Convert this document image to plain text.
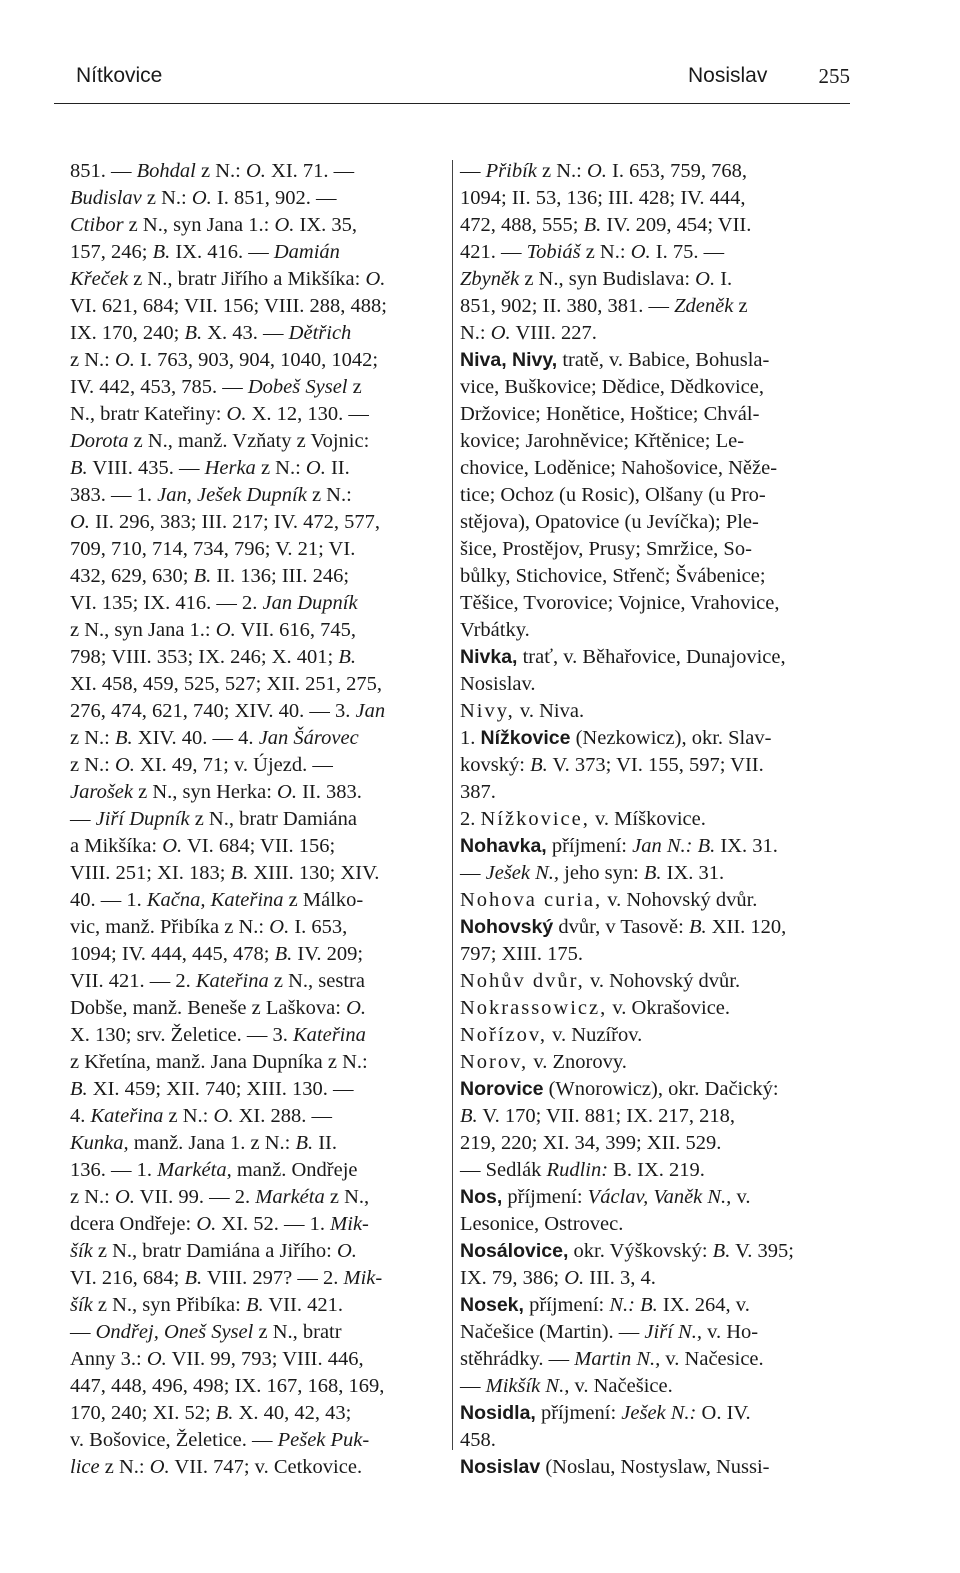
Nítkovice	Nosislav 255
851. — Bohdal z N.: O. XI. 71. —
Budislav z N.: O. I. 851, 902. —
Ctibor z N., syn Jana 1.: O. IX. 35,
157, 246; B. IX. 416. — Damián
Křeček z N., bratr Jiřího a Mikšíka: O.
VI. 621, 684; VII. 156; VIII. 288, 488;
IX. 170, 240; B. X. 43. — Dětřich
z N.: O. I. 763, 903, 904, 1040, 1042;
IV. 442, 453, 785. — Dobeš Sysel z
N., bratr Kateřiny: O. X. 12, 130. —
Dorota z N., manž. Vzňaty z Vojnic:
B. VIII. 435. — Herka z N.: O. II.
383. — 1. Jan, Ješek Dupník z N.:
O. II. 296, 383; III. 217; IV. 472, 577,
709, 710, 714, 734, 796; V. 21; VI.
432, 629, 630; B. II. 136; III. 246;
VI. 135; IX. 416. — 2. Jan Dupník
z N., syn Jana 1.: O. VII. 616, 745,
798; VIII. 353; IX. 246; X. 401; B.
XI. 458, 459, 525, 527; XII. 251, 275,
276, 474, 621, 740; XIV. 40. — 3. Jan
z N.: B. XIV. 40. — 4. Jan Šárovec
z N.: O. XI. 49, 71; v. Újezd. —
Jarošek z N., syn Herka: O. II. 383.
— Jiří Dupník z N., bratr Damiána
a Mikšíka: O. VI. 684; VII. 156;
VIII. 251; XI. 183; B. XIII. 130; XIV.
40. — 1. Kačna, Kateřina z Málko-
vic, manž. Přibíka z N.: O. I. 653,
1094; IV. 444, 445, 478; B. IV. 209;
VII. 421. — 2. Kateřina z N., sestra
Dobše, manž. Beneše z Laškova: O.
X. 130; srv. Želetice. — 3. Kateřina
z Křetína, manž. Jana Dupníka z N.:
B. XI. 459; XII. 740; XIII. 130. —
4. Kateřina z N.: O. XI. 288. —
Kunka, manž. Jana 1. z N.: B. II.
136. — 1. Markéta, manž. Ondřeje
z N.: O. VII. 99. — 2. Markéta z N.,
dcera Ondřeje: O. XI. 52. — 1. Mik-
šík z N., bratr Damiána a Jiřího: O.
VI. 216, 684; B. VIII. 297? — 2. Mik-
šík z N., syn Přibíka: B. VII. 421.
— Ondřej, Oneš Sysel z N., bratr
Anny 3.: O. VII. 99, 793; VIII. 446,
447, 448, 496, 498; IX. 167, 168, 169,
170, 240; XI. 52; B. X. 40, 42, 43;
v. Bošovice, Želetice. — Pešek Puk-
lice z N.: O. VII. 747; v. Cetkovice.
— Přibík z N.: O. I. 653, 759, 768,
1094; II. 53, 136; III. 428; IV. 444,
472, 488, 555; B. IV. 209, 454; VII.
421. — Tobiáš z N.: O. I. 75. —
Zbyněk z N., syn Budislava: O. I.
851, 902; II. 380, 381. — Zdeněk z
N.: O. VIII. 227.
Niva, Nivy, tratě, v. Babice, Bohusla-
vice, Buškovice; Dědice, Dědkovice,
Držovice; Honětice, Hoštice; Chvál-
kovice; Jarohněvice; Křtěnice; Le-
chovice, Loděnice; Nahošovice, Něže-
tice; Ochoz (u Rosic), Olšany (u Pro-
stějova), Opatovice (u Jevíčka); Ple-
šice, Prostějov, Prusy; Smržice, So-
bůlky, Stichovice, Střenč; Švábenice;
Těšice, Tvorovice; Vojnice, Vrahovice,
Vrbátky.
Nivka, trať, v. Běhařovice, Dunajovice,
Nosislav.
Nivy, v. Niva.
1. Nížkovice (Nezkowicz), okr. Slav-
kovský: B. V. 373; VI. 155, 597; VII.
387.
2. Nížkovice, v. Míškovice.
Nohavka, příjmení: Jan N.: B. IX. 31.
— Ješek N., jeho syn: B. IX. 31.
Nohova curia, v. Nohovský dvůr.
Nohovský dvůr, v Tasově: B. XII. 120,
797; XIII. 175.
Nohův dvůr, v. Nohovský dvůr.
Nokrassowicz, v. Okrašovice.
Nořízov, v. Nuzířov.
Norov, v. Znorovy.
Norovice (Wnorowicz), okr. Dačický:
B. V. 170; VII. 881; IX. 217, 218,
219, 220; XI. 34, 399; XII. 529.
— Sedlák Rudlin: B. IX. 219.
Nos, příjmení: Václav, Vaněk N., v.
Lesonice, Ostrovec.
Nosálovice, okr. Výškovský: B. V. 395;
IX. 79, 386; O. III. 3, 4.
Nosek, příjmení: N.: B. IX. 264, v.
Načešice (Martin). — Jiří N., v. Ho-
stěhrádky. — Martin N., v. Načesice.
— Mikšík N., v. Načešice.
Nosidla, příjmení: Ješek N.: O. IV.
458.
Nosislav (Noslau, Nostyslaw, Nussi-
